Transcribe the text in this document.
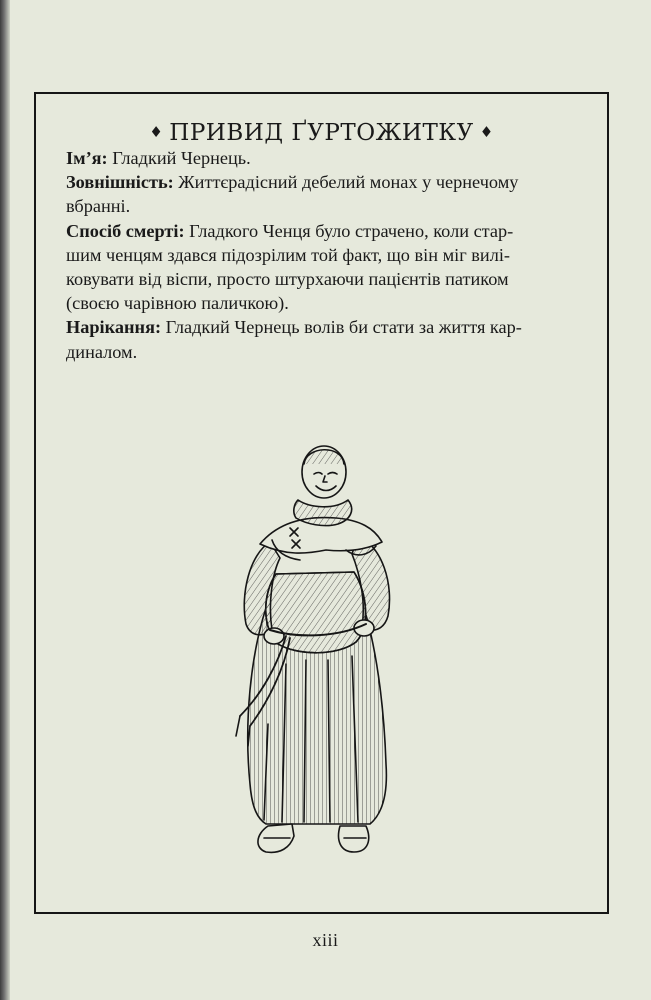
♦ ПРИВИД ҐУРТОЖИТКУ ♦

Ім’я: Гладкий Чернець.

Зовнішність: Життєрадісний дебелий монах у чернечому
вбранні.

Спосіб смерті: Гладкого Ченця було страчено, коли стар-
шим ченцям здався підозрілим той факт, що він міг вилі-
ковувати від віспи, просто штурхаючи пацієнтів патиком
(своєю чарівною паличкою).

Нарікання: Гладкий Чернець волів би стати за життя кар-
диналом.

xiii
